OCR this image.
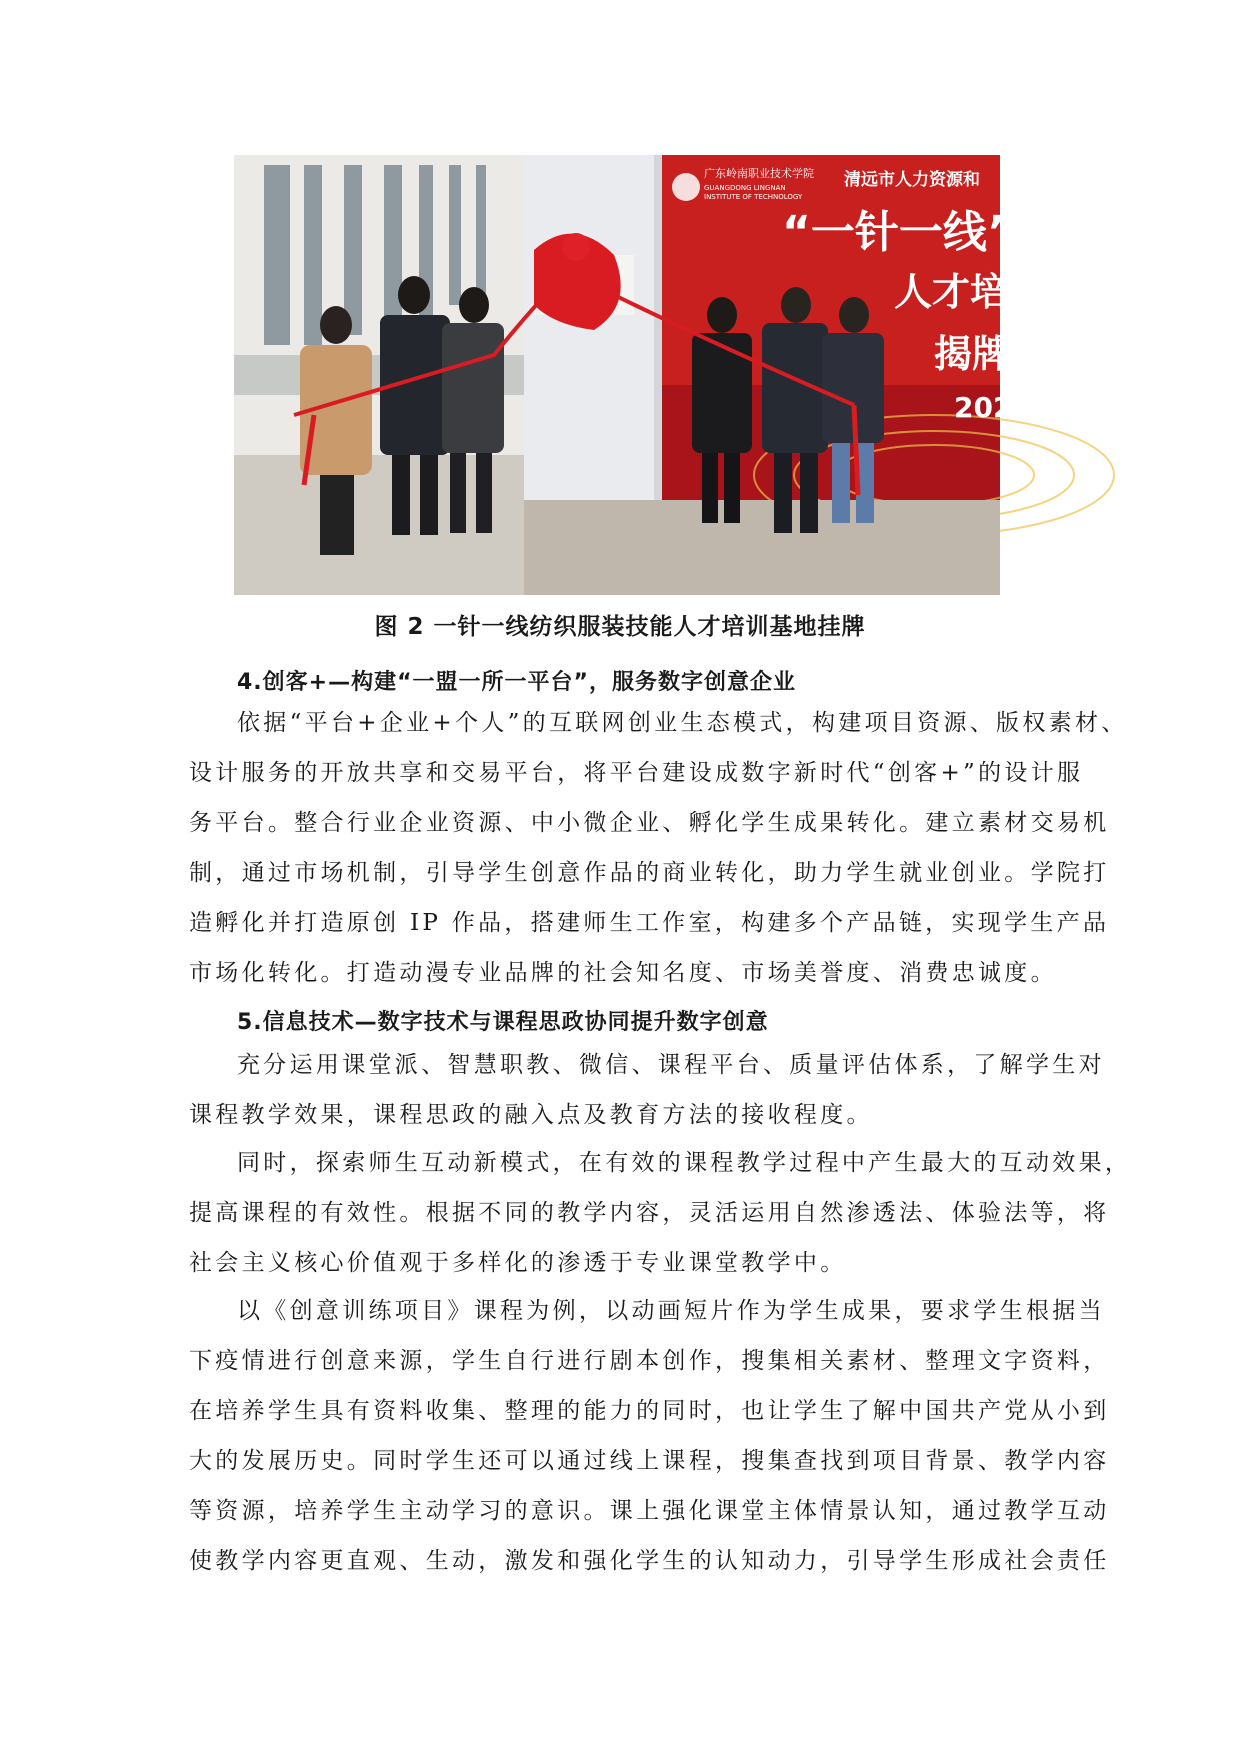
广东岭南职业技术学院
GUANGDONG LINGNAN
INSTITUTE OF TECHNOLOGY
清远市人力资源和
“一针一线”
人才培
揭牌
202
图 2 一针一线纺织服装技能人才培训基地挂牌
4.创客+—构建“一盟一所一平台”，服务数字创意企业
依据“平台+企业+个人”的互联网创业生态模式，构建项目资源、版权素材、
设计服务的开放共享和交易平台，将平台建设成数字新时代“创客+”的设计服
务平台。整合行业企业资源、中小微企业、孵化学生成果转化。建立素材交易机
制，通过市场机制，引导学生创意作品的商业转化，助力学生就业创业。学院打
造孵化并打造原创 IP 作品，搭建师生工作室，构建多个产品链，实现学生产品
市场化转化。打造动漫专业品牌的社会知名度、市场美誉度、消费忠诚度。
5.信息技术—数字技术与课程思政协同提升数字创意
充分运用课堂派、智慧职教、微信、课程平台、质量评估体系，了解学生对
课程教学效果，课程思政的融入点及教育方法的接收程度。
同时，探索师生互动新模式，在有效的课程教学过程中产生最大的互动效果，
提高课程的有效性。根据不同的教学内容，灵活运用自然渗透法、体验法等，将
社会主义核心价值观于多样化的渗透于专业课堂教学中。
以《创意训练项目》课程为例，以动画短片作为学生成果，要求学生根据当
下疫情进行创意来源，学生自行进行剧本创作，搜集相关素材、整理文字资料，
在培养学生具有资料收集、整理的能力的同时，也让学生了解中国共产党从小到
大的发展历史。同时学生还可以通过线上课程，搜集查找到项目背景、教学内容
等资源，培养学生主动学习的意识。课上强化课堂主体情景认知，通过教学互动
使教学内容更直观、生动，激发和强化学生的认知动力，引导学生形成社会责任
